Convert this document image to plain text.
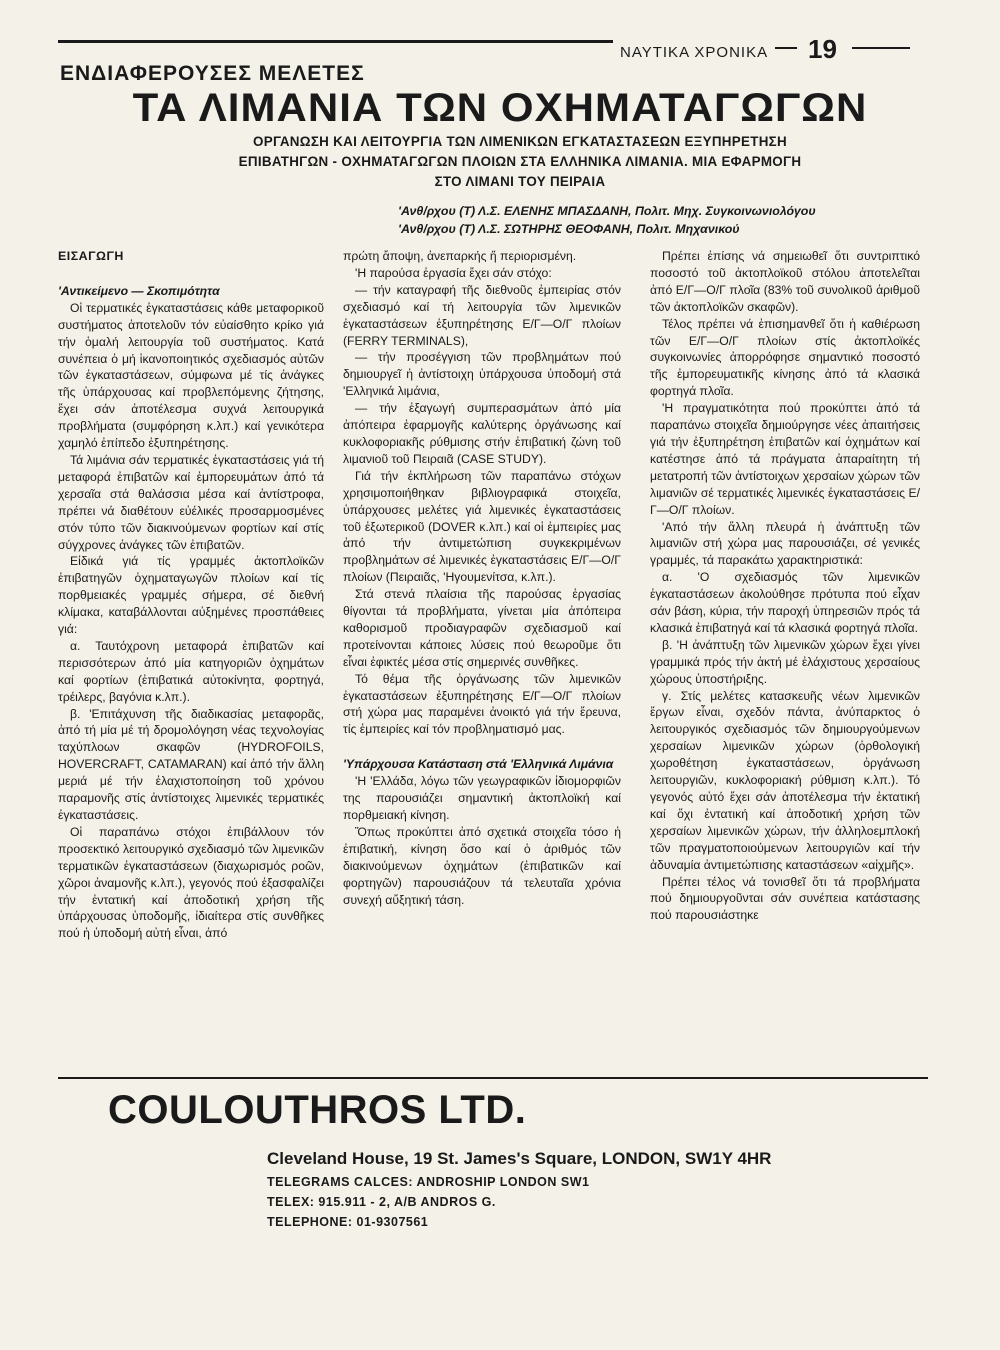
ΝΑΥΤΙΚΑ ΧΡΟΝΙΚΑ 19
ΕΝΔΙΑΦΕΡΟΥΣΕΣ ΜΕΛΕΤΕΣ
ΤΑ ΛΙΜΑΝΙΑ ΤΩΝ ΟΧΗΜΑΤΑΓΩΓΩΝ
ΟΡΓΑΝΩΣΗ ΚΑΙ ΛΕΙΤΟΥΡΓΙΑ ΤΩΝ ΛΙΜΕΝΙΚΩΝ ΕΓΚΑΤΑΣΤΑΣΕΩΝ ΕΞΥΠΗΡΕΤΗΣΗ
ΕΠΙΒΑΤΗΓΩΝ - ΟΧΗΜΑΤΑΓΩΓΩΝ ΠΛΟΙΩΝ ΣΤΑ ΕΛΛΗΝΙΚΑ ΛΙΜΑΝΙΑ. ΜΙΑ ΕΦΑΡΜΟΓΗ
ΣΤΟ ΛΙΜΑΝΙ ΤΟΥ ΠΕΙΡΑΙΑ
'Ανθ/ρχου (Τ) Λ.Σ. ΕΛΕΝΗΣ ΜΠΑΣΔΑΝΗ, Πολιτ. Μηχ. Συγκοινωνιολόγου
'Ανθ/ρχου (Τ) Λ.Σ. ΣΩΤΗΡΗΣ ΘΕΟΦΑΝΗ, Πολιτ. Μηχανικού
ΕΙΣΑΓΩΓΗ

'Αντικείμενο — Σκοπιμότητα

Οἱ τερματικές ἐγκαταστάσεις κάθε μεταφορικοῦ συστήματος ἀποτελοῦν τόν εὐαίσθητο κρίκο γιά τήν ὁμαλή λειτουργία τοῦ συστήματος. Κατά συνέπεια ὁ μή ἱκανοποιητικός σχεδιασμός αὐτῶν τῶν ἐγκαταστάσεων, σύμφωνα μέ τίς ἀνάγκες τῆς ὑπάρχουσας καί προβλεπόμενης ζήτησης, ἔχει σάν ἀποτέλεσμα συχνά λειτουργικά προβλήματα (συμφόρηση κ.λπ.) καί γενικότερα χαμηλό ἐπίπεδο ἐξυπηρέτησης.

Τά λιμάνια σάν τερματικές ἐγκαταστάσεις γιά τή μεταφορά ἐπιβατῶν καί ἐμπορευμάτων ἀπό τά χερσαῖα στά θαλάσσια μέσα καί ἀντίστροφα, πρέπει νά διαθέτουν εὐέλικές προσαρμοσμένες στόν τύπο τῶν διακινούμενων φορτίων καί στίς σύγχρονες ἀνάγκες τῶν ἐπιβατῶν.

Εἰδικά γιά τίς γραμμές ἀκτοπλοϊκῶν ἐπιβατηγῶν ὀχηματαγωγῶν πλοίων καί τίς πορθμειακές γραμμές σήμερα, σέ διεθνή κλίμακα, καταβάλλονται αὐξημένες προσπάθειες γιά:

α. Ταυτόχρονη μεταφορά ἐπιβατῶν καί περισσότερων ἀπό μία κατηγοριῶν ὀχημάτων καί φορτίων (ἐπιβατικά αὐτοκίνητα, φορτηγά, τρέιλερς, βαγόνια κ.λπ.).

β. 'Επιτάχυνση τῆς διαδικασίας μεταφορᾶς, ἀπό τή μία μέ τή δρομολόγηση νέας τεχνολογίας ταχύπλοων σκαφῶν (HYDROFOILS, HOVERCRAFT, CATAMARAN) καί ἀπό τήν ἄλλη μεριά μέ τήν ἐλαχιστοποίηση τοῦ χρόνου παραμονῆς στίς ἀντίστοιχες λιμενικές τερματικές ἐγκαταστάσεις.

Οἱ παραπάνω στόχοι ἐπιβάλλουν τόν προσεκτικό λειτουργικό σχεδιασμό τῶν λιμενικῶν τερματικῶν ἐγκαταστάσεων (διαχωρισμός ροῶν, χῶροι ἀναμονῆς κ.λπ.), γεγονός πού ἐξασφαλίζει τήν ἐντατική καί ἀποδοτική χρήση τῆς ὑπάρχουσας ὑποδομῆς, ἰδιαίτερα στίς συνθῆκες πού ἡ ὑποδομή αὐτή εἶναι, ἀπό

πρώτη ἄποψη, ἀνεπαρκής ἤ περιορισμένη.

'Η παρούσα ἐργασία ἔχει σάν στόχο:

— τήν καταγραφή τῆς διεθνοῦς ἐμπειρίας στόν σχεδιασμό καί τή λειτουργία τῶν λιμενικῶν ἐγκαταστάσεων ἐξυπηρέτησης Ε/Γ—Ο/Γ πλοίων (FERRY TERMINALS),

— τήν προσέγγιση τῶν προβλημάτων πού δημιουργεῖ ἡ ἀντίστοιχη ὑπάρχουσα ὑποδομή στά 'Ελληνικά λιμάνια,

— τήν ἐξαγωγή συμπερασμάτων ἀπό μία ἀπόπειρα ἐφαρμογῆς καλύτερης ὀργάνωσης καί κυκλοφοριακῆς ρύθμισης στήν ἐπιβατική ζώνη τοῦ λιμανιοῦ τοῦ Πειραιᾶ (CASE STUDY).

Γιά τήν ἐκπλήρωση τῶν παραπάνω στόχων χρησιμοποιήθηκαν βιβλιογραφικά στοιχεῖα, ὑπάρχουσες μελέτες γιά λιμενικές ἐγκαταστάσεις τοῦ ἐξωτερικοῦ (DOVER κ.λπ.) καί οἱ ἐμπειρίες μας ἀπό τήν ἀντιμετώπιση συγκεκριμένων προβλημάτων σέ λιμενικές ἐγκαταστάσεις Ε/Γ—Ο/Γ πλοίων (Πειραιᾶς, 'Ηγουμενίτσα, κ.λπ.).

Στά στενά πλαίσια τῆς παρούσας ἐργασίας θίγονται τά προβλήματα, γίνεται μία ἀπόπειρα καθορισμοῦ προδιαγραφῶν σχεδιασμοῦ καί προτείνονται κάποιες λύσεις πού θεωροῦμε ὅτι εἶναι ἐφικτές μέσα στίς σημερινές συνθῆκες.

Τό θέμα τῆς ὀργάνωσης τῶν λιμενικῶν ἐγκαταστάσεων ἐξυπηρέτησης Ε/Γ—Ο/Γ πλοίων στή χώρα μας παραμένει ἀνοικτό γιά τήν ἔρευνα, τίς ἐμπειρίες καί τόν προβληματισμό μας.

'Υπάρχουσα Κατάσταση στά 'Ελληνικά Λιμάνια

'Η 'Ελλάδα, λόγω τῶν γεωγραφικῶν ἰδιομορφιῶν της παρουσιάζει σημαντική ἀκτοπλοϊκή καί πορθμειακή κίνηση.

Ὅπως προκύπτει ἀπό σχετικά στοιχεῖα τόσο ἡ ἐπιβατική, κίνηση ὅσο καί ὁ ἀριθμός τῶν διακινούμενων ὀχημάτων (ἐπιβατικῶν καί φορτηγῶν) παρουσιάζουν τά τελευταῖα χρόνια συνεχή αὔξητική τάση.

Πρέπει ἐπίσης νά σημειωθεῖ ὅτι συντριπτικό ποσοστό τοῦ ἀκτοπλοϊκοῦ στόλου ἀποτελεῖται ἀπό Ε/Γ—Ο/Γ πλοῖα (83% τοῦ συνολικοῦ ἀριθμοῦ τῶν ἀκτοπλοϊκῶν σκαφῶν).

Τέλος πρέπει νά ἐπισημανθεῖ ὅτι ἡ καθιέρωση τῶν Ε/Γ—Ο/Γ πλοίων στίς ἀκτοπλοϊκές συγκοινωνίες ἀπορρόφησε σημαντικό ποσοστό τῆς ἐμπορευματικῆς κίνησης ἀπό τά κλασικά φορτηγά πλοῖα.

'Η πραγματικότητα πού προκύπτει ἀπό τά παραπάνω στοιχεῖα δημιούργησε νέες ἀπαιτήσεις γιά τήν ἐξυπηρέτηση ἐπιβατῶν καί ὀχημάτων καί κατέστησε ἀπό τά πράγματα ἀπαραίτητη τή μετατροπή τῶν ἀντίστοιχων χερσαίων χώρων τῶν λιμανιῶν σέ τερματικές λιμενικές ἐγκαταστάσεις Ε/Γ—Ο/Γ πλοίων.

'Από τήν ἄλλη πλευρά ἡ ἀνάπτυξη τῶν λιμανιῶν στή χώρα μας παρουσιάζει, σέ γενικές γραμμές, τά παρακάτω χαρακτηριστικά:

α. 'Ο σχεδιασμός τῶν λιμενικῶν ἐγκαταστάσεων ἀκολούθησε πρότυπα πού εἶχαν σάν βάση, κύρια, τήν παροχή ὑπηρεσιῶν πρός τά κλασικά ἐπιβατηγά καί τά κλασικά φορτηγά πλοῖα.

β. 'Η ἀνάπτυξη τῶν λιμενικῶν χώρων ἔχει γίνει γραμμικά πρός τήν ἀκτή μέ ἐλάχιστους χερσαίους χώρους ὑποστήριξης.

γ. Στίς μελέτες κατασκευῆς νέων λιμενικῶν ἔργων εἶναι, σχεδόν πάντα, ἀνύπαρκτος ὁ λειτουργικός σχεδιασμός τῶν δημιουργούμενων χερσαίων λιμενικῶν χώρων (ὀρθολογική χωροθέτηση ἐγκαταστάσεων, ὀργάνωση λειτουργιῶν, κυκλοφοριακή ρύθμιση κ.λπ.). Τό γεγονός αὐτό ἔχει σάν ἀποτέλεσμα τήν ἐκτατική καί ὄχι ἐντατική καί ἀποδοτική χρήση τῶν χερσαίων λιμενικῶν χώρων, τήν ἀλληλοεμπλοκή τῶν πραγματοποιούμενων λειτουργιῶν καί τήν ἀδυναμία ἀντιμετώπισης καταστάσεων «αἰχμῆς».

Πρέπει τέλος νά τονισθεῖ ὅτι τά προβλήματα πού δημιουργοῦνται σάν συνέπεια κατάστασης πού παρουσιάστηκε

COULOUTHROS LTD.
Cleveland House, 19 St. James's Square, LONDON, SW1Y 4HR
TELEGRAMS CALCES: ANDROSHIP LONDON SW1
TELEX: 915.911 - 2, A/B ANDROS G.
TELEPHONE: 01-9307561
